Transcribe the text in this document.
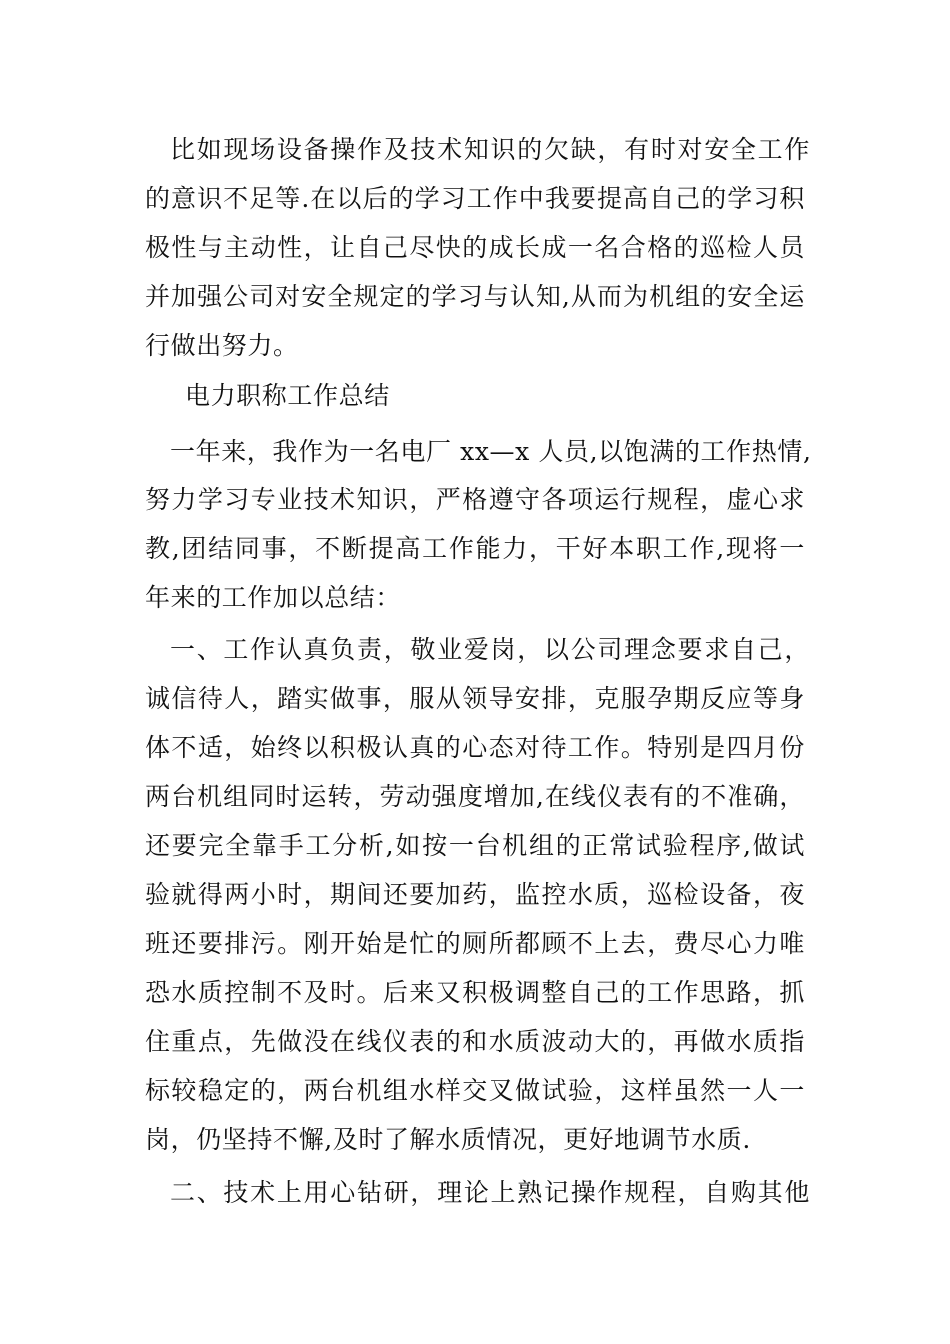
比如现场设备操作及技术知识的欠缺，有时对安全工作
的意识不足等.在以后的学习工作中我要提高自己的学习积
极性与主动性，让自己尽快的成长成一名合格的巡检人员
并加强公司对安全规定的学习与认知,从而为机组的安全运
行做出努力。
电力职称工作总结
一年来，我作为一名电厂 xx—x 人员,以饱满的工作热情,
努力学习专业技术知识，严格遵守各项运行规程，虚心求
教,团结同事，不断提高工作能力，干好本职工作,现将一
年来的工作加以总结：
一、工作认真负责，敬业爱岗，以公司理念要求自己，
诚信待人，踏实做事，服从领导安排，克服孕期反应等身
体不适，始终以积极认真的心态对待工作。特别是四月份
两台机组同时运转，劳动强度增加,在线仪表有的不准确，
还要完全靠手工分析,如按一台机组的正常试验程序,做试
验就得两小时，期间还要加药，监控水质，巡检设备，夜
班还要排污。刚开始是忙的厕所都顾不上去，费尽心力唯
恐水质控制不及时。后来又积极调整自己的工作思路，抓
住重点，先做没在线仪表的和水质波动大的，再做水质指
标较稳定的，两台机组水样交叉做试验，这样虽然一人一
岗，仍坚持不懈,及时了解水质情况，更好地调节水质.
二、技术上用心钻研，理论上熟记操作规程，自购其他
